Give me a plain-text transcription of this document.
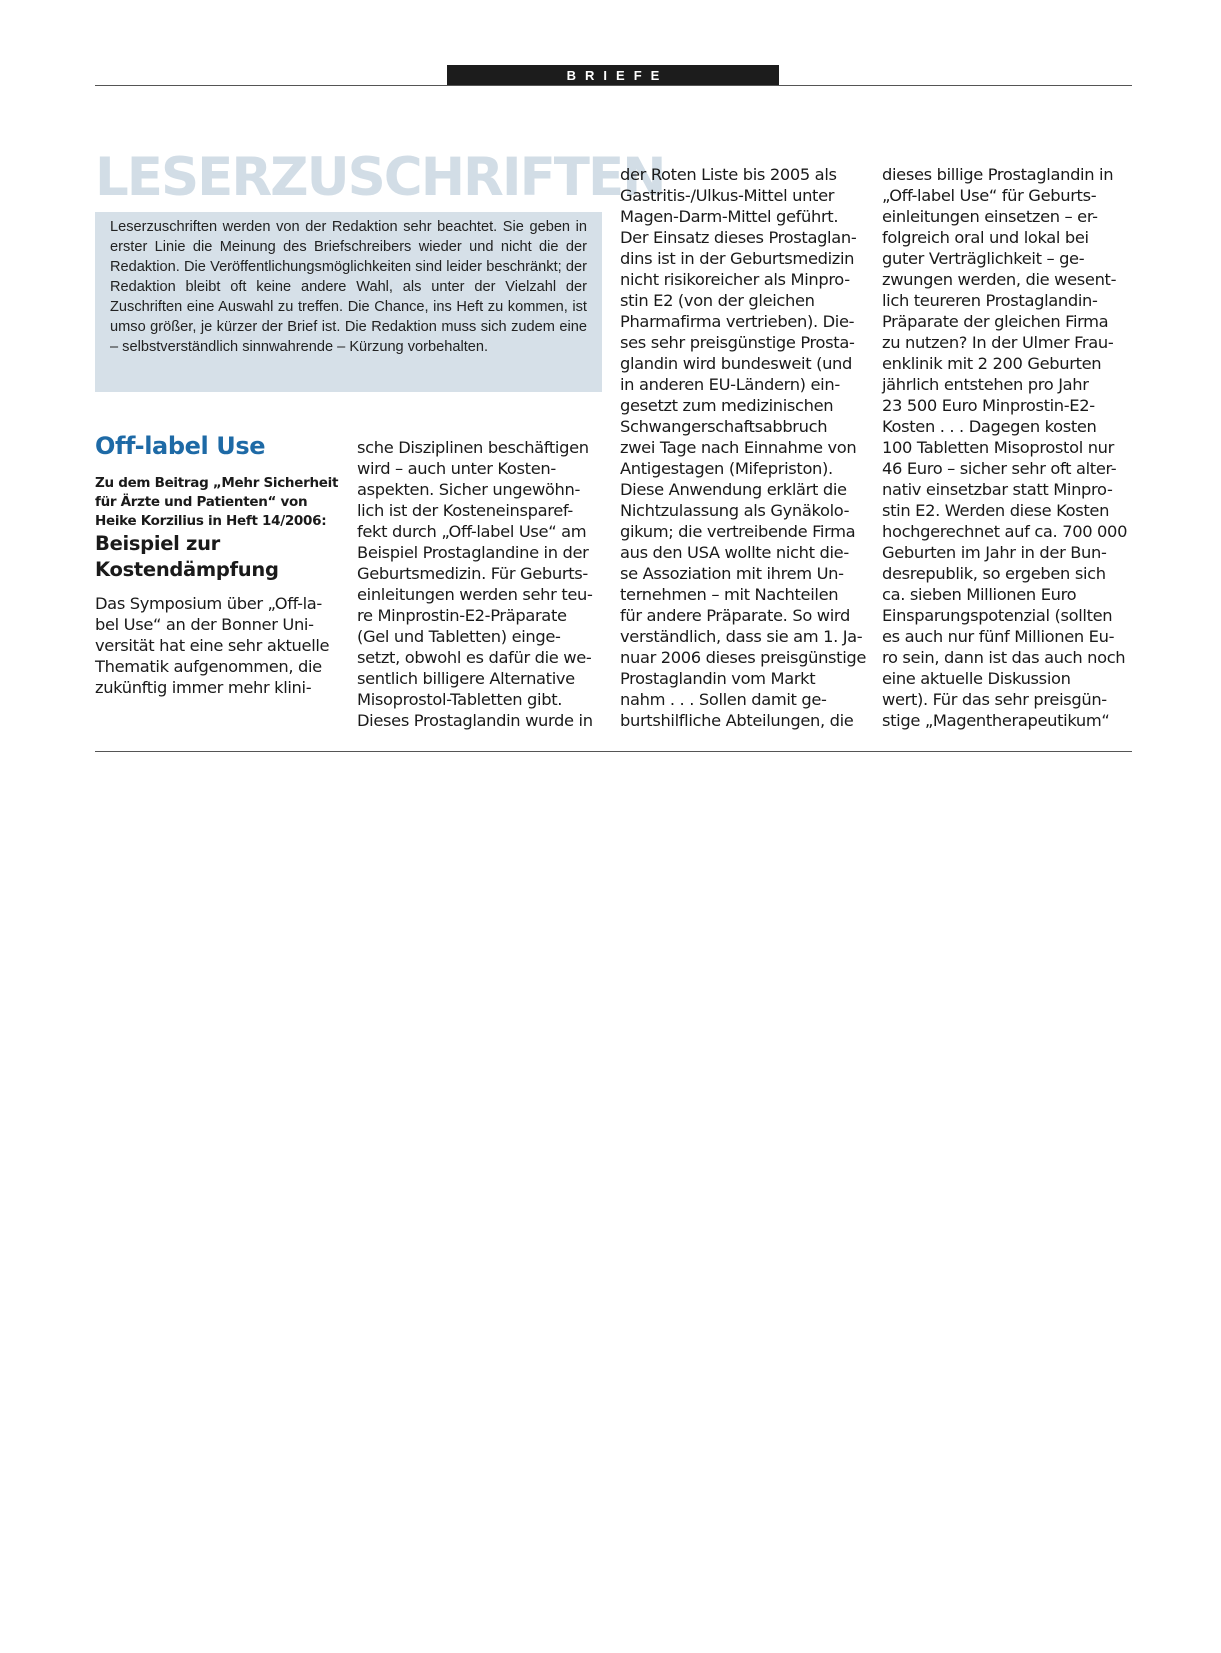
BRIEFE

Leserzuschriften werden von der Redaktion sehr beachtet. Sie geben in erster Linie die Meinung des Briefschreibers wieder und nicht die der Redaktion. Die Veröffentlichungsmöglichkeiten sind leider beschränkt; der Redaktion bleibt oft keine andere Wahl, als unter der Vielzahl der Zuschriften eine Auswahl zu treffen. Die Chance, ins Heft zu kommen, ist umso größer, je kürzer der Brief ist. Die Redaktion muss sich zudem eine – selbstverständlich sinnwahrende – Kürzung vorbehalten.

LESERZUSCHRIFTEN
Off-label Use

Zu dem Beitrag „Mehr Sicherheit für Ärzte und Patienten“ von Heike Korzilius in Heft 14/2006:

Beispiel zur Kostendämpfung

Das Symposium über „Off-la-
bel Use“ an der Bonner Uni-
versität hat eine sehr aktuelle
Thematik aufgenommen, die
zukünftig immer mehr klini-

sche Disziplinen beschäftigen
wird – auch unter Kosten-
aspekten. Sicher ungewöhn-
lich ist der Kosteneinsparef-
fekt durch „Off-label Use“ am
Beispiel Prostaglandine in der
Geburtsmedizin. Für Geburts-
einleitungen werden sehr teu-
re Minprostin-E2-Präparate
(Gel und Tabletten) einge-
setzt, obwohl es dafür die we-
sentlich billigere Alternative
Misoprostol-Tabletten gibt.
Dieses Prostaglandin wurde in

der Roten Liste bis 2005 als
Gastritis-/Ulkus-Mittel unter
Magen-Darm-Mittel geführt.
Der Einsatz dieses Prostaglan-
dins ist in der Geburtsmedizin
nicht risikoreicher als Minpro-
stin E2 (von der gleichen
Pharmafirma vertrieben). Die-
ses sehr preisgünstige Prosta-
glandin wird bundesweit (und
in anderen EU-Ländern) ein-
gesetzt zum medizinischen
Schwangerschaftsabbruch
zwei Tage nach Einnahme von
Antigestagen (Mifepriston).
Diese Anwendung erklärt die
Nichtzulassung als Gynäkolo-
gikum; die vertreibende Firma
aus den USA wollte nicht die-
se Assoziation mit ihrem Un-
ternehmen – mit Nachteilen
für andere Präparate. So wird
verständlich, dass sie am 1. Ja-
nuar 2006 dieses preisgünstige
Prostaglandin vom Markt
nahm . . . Sollen damit ge-
burtshilfliche Abteilungen, die

dieses billige Prostaglandin in
„Off-label Use“ für Geburts-
einleitungen einsetzen – er-
folgreich oral und lokal bei
guter Verträglichkeit – ge-
zwungen werden, die wesent-
lich teureren Prostaglandin-
Präparate der gleichen Firma
zu nutzen? In der Ulmer Frau-
enklinik mit 2 200 Geburten
jährlich entstehen pro Jahr
23 500 Euro Minprostin-E2-
Kosten . . . Dagegen kosten
100 Tabletten Misoprostol nur
46 Euro – sicher sehr oft alter-
nativ einsetzbar statt Minpro-
stin E2. Werden diese Kosten
hochgerechnet auf ca. 700 000
Geburten im Jahr in der Bun-
desrepublik, so ergeben sich
ca. sieben Millionen Euro
Einsparungspotenzial (sollten
es auch nur fünf Millionen Eu-
ro sein, dann ist das auch noch
eine aktuelle Diskussion
wert). Für das sehr preisgün-
stige „Magentherapeutikum“
